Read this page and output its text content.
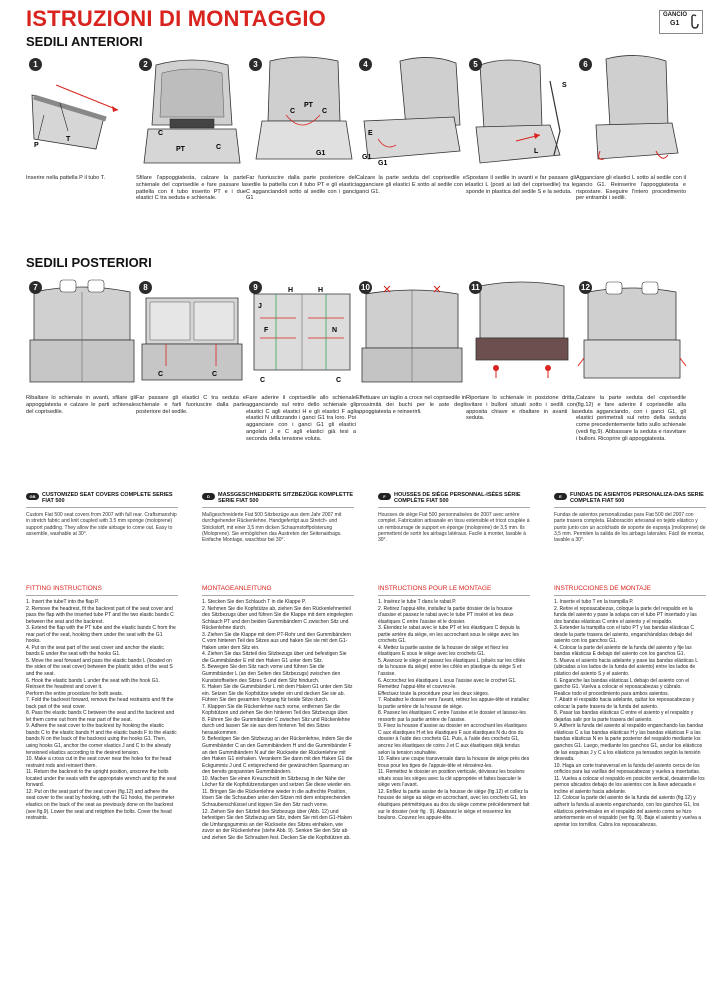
ISTRUZIONI DI MONTAGGIO
SEDILI ANTERIORI
GANCIO
G1
P
T
1

Inserire nella pattella P il tubo T.

C
PT	C
2

Sfilare l’appoggiatesta, calzare la parte schienale del coprisedile e fare passare la pattella con il tubo inserito PT e i due elastici C tra seduta e schienale.

C
PT
C
G1
3

Far fuoriuscire dalla parte posteriore del sedile la pattella con il tubo PT e gli elastici C agganciandoli sotto al sedile con i ganci G1

E
G1
G1
4

Calzare la parte seduta del coprisedile e agganciare gli elastici E sotto al sedile con i ganci G1.

S
L
5

Spostare il sedile in avanti e far passare gli elastici L (posti ai lati del coprisedile) tra le sponde in plastica del sedile S e la seduta.

6

Agganciare gli elastici L sotto al sedile con il gancio G1. Reinserire l’appoggiatesta e rispostare. Eseguire l’intero procedimento per entrambi i sedili.

SEDILI POSTERIORI
7

Ribaltare lo schienale in avanti, sfilare gli appoggiatesta e calzare le parti schienale del coprisedile.

C	C
8

Far passare gli elastici C tra seduta e schienale e farli fuoriuscire dalla parte posteriore del sedile.

J
H	H
F	N
C	C
9

Fare aderire il coprisedile allo schienale agganciando sul retro dello schienale gli elastici C agli elastici H e gli elastici F agli elastici N utilizzando i ganci G1 tra loro. Poi agganciare con i ganci G1 gli elastici angolari J e C agli elastici già tesi a seconda della tensione voluta.

10

Effettuare un taglio a croce nel coprisedile in prossimità dei buchi per le aste degli appoggiatesta e reinserirli.

11

Riportare lo schienale in posizione dritta, svitare i bulloni situati sotto i sedili con apposita chiave e ribaltare in avanti la seduta.

12

Calzare la parte seduta del coprisedile (fig.12) e fare aderire il coprisedile alla seduta agganciando, con i ganci G1, gli elastici perimetrali sul retro della seduta come precedentemente fatto sullo schienale (vedi fig.9). Abbassare la seduta e riavvitare i bulloni. Ricoprire gli appoggiatesta.

GB	CUSTOMIZED SEAT COVERS COMPLETE SERIES FIAT 500

Custom Fiat 500 seat covers from 2007 with full rear. Craftsmanship in stretch fabric and knit coupled with 3.5 mm sponge (moloprene) support padding. They allow the side airbage to come out. Easy to assemble, washable at 30°.

D	MASSGESCHNEIDERTE SITZBEZÜGE KOMPLETTE SERIE FIAT 500

Maßgeschneiderte Fiat 500 Sitzbezüge aus dem Jahr 2007 mit durchgehender Rückenlehne. Handgefertigt aus Stretch- und Strickstoff, mit einer 3,5 mm dicken Schaumstoffpolsterung (Moloprene). Sie ermöglichen das Austreten der Seitenairbags. Einfache Montage, waschbar bei 30°.

F	HOUSSES DE SIÈGE PERSONNAL-ISÉES SÉRIE COMPLÈTE FIAT 500

Housses de siège Fiat 500 personnalisées de 2007 avec arrière complet. Fabrication artisanale en tissu extensible et tricot couplée à un rembourrage de support en éponge (moloprene) de 3,5 mm. Ils permettent de sortir les airbags latéraux. Facile à monter, lavable à 30°.

E	FUNDAS DE ASIENTOS PERSONALIZA-DAS SERIE COMPLETA FIAT 500

Fundas de asientos personalizadas para Fiat 500 del 2007 con parte trasera completa. Elaboración artesanal en tejido elástico y punto junto con un acolchado de soporte de esponja (moloprene) de 3,5 mm. Permiten la salida de los airbags laterales. Fácil de montar, lavable a 30°.

FITTING INSTRUCTIONS

1. Insert the tubeT into the flap P.

2. Remove the headrest, fit the backrest part of the seat cover and pass the flap with the inserted tube PT and the two elastic bands C between the seat and the backrest.

3. Extend the flap with the PT tube and the elastic bands C from the rear part of the seat, hooking them under the seat with the G1 hooks.

4. Put on the seat part of the seat cover and anchor the elastic bands E under the seat with the hooks G1.

5. Move the seat forward and pass the elastic bands L (located on the sides of the seat cover) between the plastic sides of the seat S and the seat.

6. Hook the elastic bands L under the seat with the hook G1. Reinsert the headrest and cover it.

Perform the entire procedure for both seats.

7. Fold the backrest forward, remove the head restraints and fit the back part of the seat cover.

8. Pass the elastic bands C between the seat and the backrest and let them come out from the rear part of the seat.

9. Adhere the seat cover to the backrest by hooking the elastic bands C to the elastic bands H and the elastic bands F to the elastic bands N on the back of the backrest using the hooks G1. Then, using hooks G1, anchor the corner elastics J and C to the already tensioned elastics according to the desired tension.

10. Make a cross cut in the seat cover near the holes for the head restraint rods and reinsert them.

11. Return the backrest to the upright position, unscrew the bolts located under the seats with the appropriate wrench and tip the seat forward.

12. Put on the seat part of the seat cover (fig.12) and adhere the seat cover to the seat by hooking, with the G1 hooks, the perimeter elastics on the back of the seat as previously done on the backrest (see fig.9). Lower the seat and retighten the bolts. Cover the head restraints.

MONTAGEANLEITUNG

1. Stecken Sie den Schlauch T in die Klappe P.

2. Nehmen Sie die Kopfstütze ab, ziehen Sie den Rückenlehnenteil des Sitzbezugs über und führen Sie die Klappe mit dem eingelegten Schlauch PT und den beiden Gummibändern C zwischen Sitz und Rückenlehne durch.

3. Ziehen Sie die Klappe mit dem PT-Rohr und den Gummibändern C vom hinteren Teil des Sitzes aus und haken Sie sie mit den G1-Haken unter dem Sitz ein.

4. Ziehen Sie das Sitzteil des Sitzbezugs über und befestigen Sie die Gummibänder E mit den Haken G1 unter dem Sitz.

5. Bewegen Sie den Sitz nach vorne und führen Sie die Gummibänder L (an den Seiten des Sitzbezugs) zwischen den Kunststoffseiten des Sitzes S und dem Sitz hindurch.

6. Haken Sie die Gummibänder L mit dem Haken G1 unter dem Sitz ein. Setzen Sie die Kopfstütze wieder ein und decken Sie sie ab.

Führen Sie den gesamten Vorgang für beide Sitze durch.

7. Klappen Sie die Rückenlehne nach vorne, entfernen Sie die Kopfstützen und ziehen Sie den hinteren Teil des Sitzbezugs über.

8. Führen Sie die Gummibänder C zwischen Sitz und Rückenlehne durch und lassen Sie sie aus dem hinteren Teil des Sitzes herauskommen.

9. Befestigen Sie den Sitzbezug an der Rückenlehne, indem Sie die Gummibänder C an den Gummibändern H und die Gummibänder F an den Gummibändern N auf der Rückseite der Rückenlehne mit den Haken G1 einhaken. Verankern Sie dann mit den Haken G1 die Eckgummis J und C entsprechend der gewünschten Spannung an den bereits gespannten Gummibändern.

10. Machen Sie einen Kreuzschnitt im Sitzbezug in der Nähe der Löcher für die Kopfstützenstangen und setzen Sie diese wieder ein.

11. Bringen Sie die Rückenlehne wieder in die aufrechte Position, lösen Sie die Schrauben unter den Sitzen mit dem entsprechenden Schraubenschlüssel und kippen Sie den Sitz nach vorne.

12. Ziehen Sie den Sitzteil des Sitzbezugs über (Abb. 12) und befestigen Sie den Sitzbezug am Sitz, indem Sie mit den G1-Haken die Umfangsgummis an der Rückseite des Sitzes einhaken, wie zuvor an der Rückenlehne (siehe Abb. 9). Senken Sie den Sitz ab und ziehen Sie die Schrauben fest. Decken Sie die Kopfstützen ab.

INSTRUCTIONS POUR LE MONTAGE

1. Insérez le tube T dans le rabat P.

2. Retirez l’appui-tête, installez la partie dossier de la housse d’assise et passez le rabat avec le tube PT inséré et les deux élastiques C entre l’assise et le dossier.

3. Étendez le rabat avec le tube PT et les élastiques C depuis la partie arrière du siège, en les accrochant sous le siège avec les crochets G1.

4. Mettez la partie assise de la housse de siège et fixez les élastiques E sous le siège avec les crochets G1.

5. Avancez le siège et passez les élastiques L (situés sur les côtés de la housse du siège) entre les côtés en plastique du siège S et l’assise.

6. Accrochez les élastiques L sous l’assise avec le crochet G1. Remettez l’appui-tête et couvrez-le.

Effectuez toute la procédure pour les deux sièges.

7. Rabattez le dossier vers l’avant, retirez les appuie-tête et installez la partie arrière de la housse de siège.

8. Passez les élastiques C entre l’assise et le dossier et laissez-les ressortir par la partie arrière de l’assise.

9. Fixez la housse d’assise au dossier en accrochant les élastiques C aux élastiques H et les élastiques F aux élastiques N du dos du dossier à l’aide des crochets G1. Puis, à l’aide des crochets G1, ancrez les élastiques de coins J et C aux élastiques déjà tendus selon la tension souhaitée.

10. Faites une coupe transversale dans la housse de siège près des trous pour les tiges de l’appuie-tête et réinsérez-les.

11. Remettez le dossier en position verticale, dévissez les boulons situés sous les sièges avec la clé appropriée et faites basculer le siège vers l’avant.

12. Enfilez la partie assise de la housse de siège (fig.12) et collez la housse de siège au siège en accrochant, avec les crochets G1, les élastiques périmétriques au dos du siège comme précédemment fait sur le dossier (voir fig . 9). Abaissez le siège et resserrez les boulons. Couvrez les appuie-tête.

INSTRUCCIONES DE MONTAJE

1. Inserte el tubo T en la trampilla P.

2. Retire el reposacabezas, coloque la parte del respaldo en la funda del asiento y pase la solapa con el tubo PT insertado y las dos bandas elásticas C entre el asiento y el respaldo.

3. Extender la trampilla con el tubo PT y las bandas elásticas C desde la parte trasera del asiento, enganchándolas debajo del asiento con los ganchos G1.

4. Colocar la parte del asiento de la funda del asiento y fije las bandas elásticas E debajo del asiento con los ganchos G1.

5. Mueva el asiento hacia adelante y pase las bandas elásticas L (ubicadas a los lados de la funda del asiento) entre los lados de plástico del asiento S y el asiento.

6. Enganche las bandas elásticas L debajo del asiento con el gancho G1. Vuelva a colocar el reposacabezas y cúbralo.

Realice todo el procedimiento para ambos asientos.

7. Abatir el respaldo hacia adelante, quitar los reposacabezas y colocar la parte trasera de la funda del asiento.

8. Pasar las bandas elásticas C entre el asiento y el respaldo y dejarlas salir por la parte trasera del asiento.

9. Adherir la funda del asiento al respaldo enganchando las bandas elásticas C a las bandas elásticas H y las bandas elásticas F a las bandas elásticas N en la parte posterior del respaldo mediante los ganchos G1. Luego, mediante los ganchos G1, anclar los elásticos de las esquinas J y C a los elásticos ya tensados según la tensión deseada.

10. Haga un corte transversal en la funda del asiento cerca de los orificios para las varillas del reposacabezas y vuelva a insertarlas.

11. Vuelva a colocar el respaldo en posición vertical, desatornille los pernos ubicados debajo de los asientos con la llave adecuada e incline el asiento hacia adelante.

12. Colocar la parte del asiento de la funda del asiento (fig.12) y adherir la funda al asiento enganchando, con los ganchos G1, los elásticos perimetrales en el respaldo del asiento como se hizo anteriormente en el respaldo (ver fig. 9). Baje el asiento y vuelva a apretar los tornillos. Cubra los reposacabezas.
